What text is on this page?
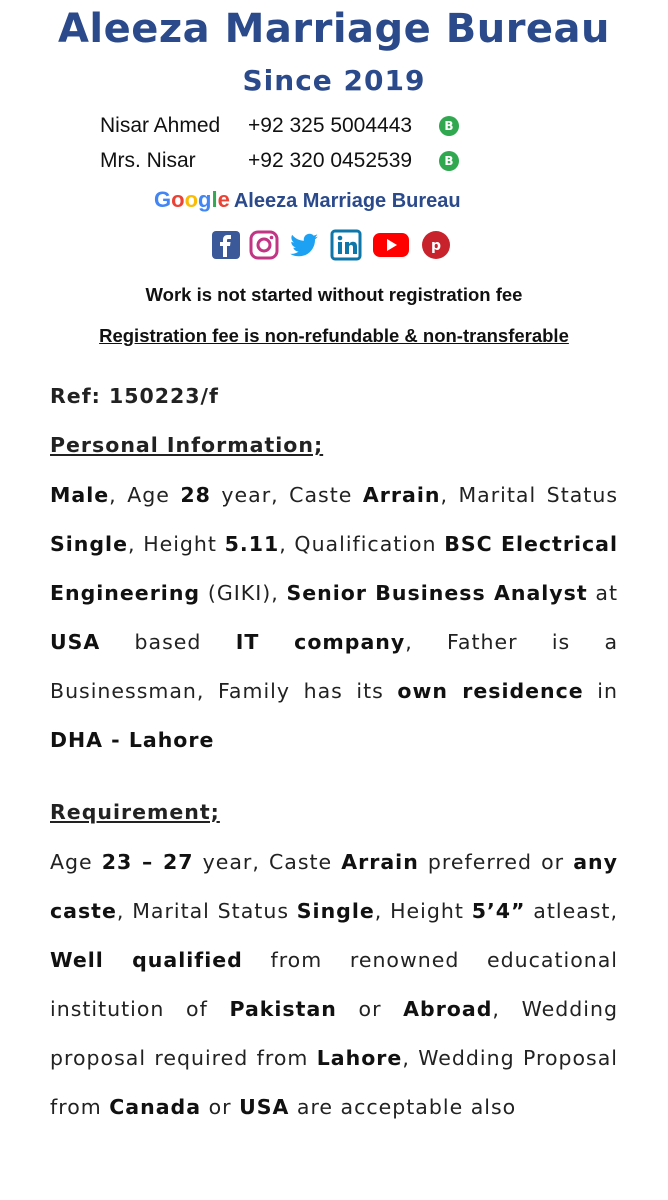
Aleeza Marriage Bureau
Since 2019
Nisar Ahmed +92 325 5004443	B
Mrs. Nisar +92 320 0452539	B
Google Aleeza Marriage Bureau
p
Work is not started without registration fee
Registration fee is non-refundable & non-transferable
Ref: 150223/f
Personal Information;
Male, Age 28 year, Caste Arrain, Marital Status Single, Height 5.11, Qualification BSC Electrical Engineering (GIKI), Senior Business Analyst at USA based IT company, Father is a Businessman, Family has its own residence in DHA - Lahore
Requirement;
Age 23 – 27 year, Caste Arrain preferred or any caste, Marital Status Single, Height 5’4” atleast, Well qualified from renowned educational institution of Pakistan or Abroad, Wedding proposal required from Lahore, Wedding Proposal from Canada or USA are acceptable also
